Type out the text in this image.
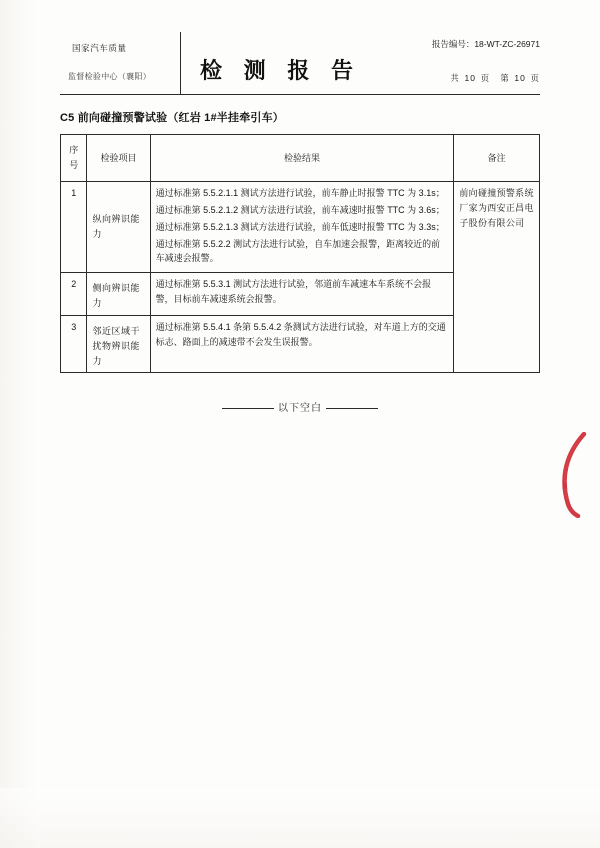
国家汽车质量
监督检验中心（襄阳） 检 测 报 告
报告编号：18-WT-ZC-26971
共 10 页 第 10 页
C5 前向碰撞预警试验（红岩 1#半挂牵引车）
序号	检验项目	检验结果	备注
1	纵向辨识能力	通过标准第 5.5.2.1.1 测试方法进行试验，前车静止时报警 TTC 为 3.1s；

通过标准第 5.5.2.1.2 测试方法进行试验，前车减速时报警 TTC 为 3.6s；

通过标准第 5.5.2.1.3 测试方法进行试验，前车低速时报警 TTC 为 3.3s；

通过标准第 5.5.2.2 测试方法进行试验，自车加速会报警，距离较近的前车减速会报警。	前向碰撞预警系统厂家为西安正昌电子股份有限公司
2	侧向辨识能力	通过标准第 5.5.3.1 测试方法进行试验，邻道前车减速本车系统不会报警，目标前车减速系统会报警。	

3	邻近区域干扰物辨识能力	通过标准第 5.5.4.1 条第 5.5.4.2 条测试方法进行试验，对车道上方的交通标志、路面上的减速带不会发生误报警。	

以下空白
质
